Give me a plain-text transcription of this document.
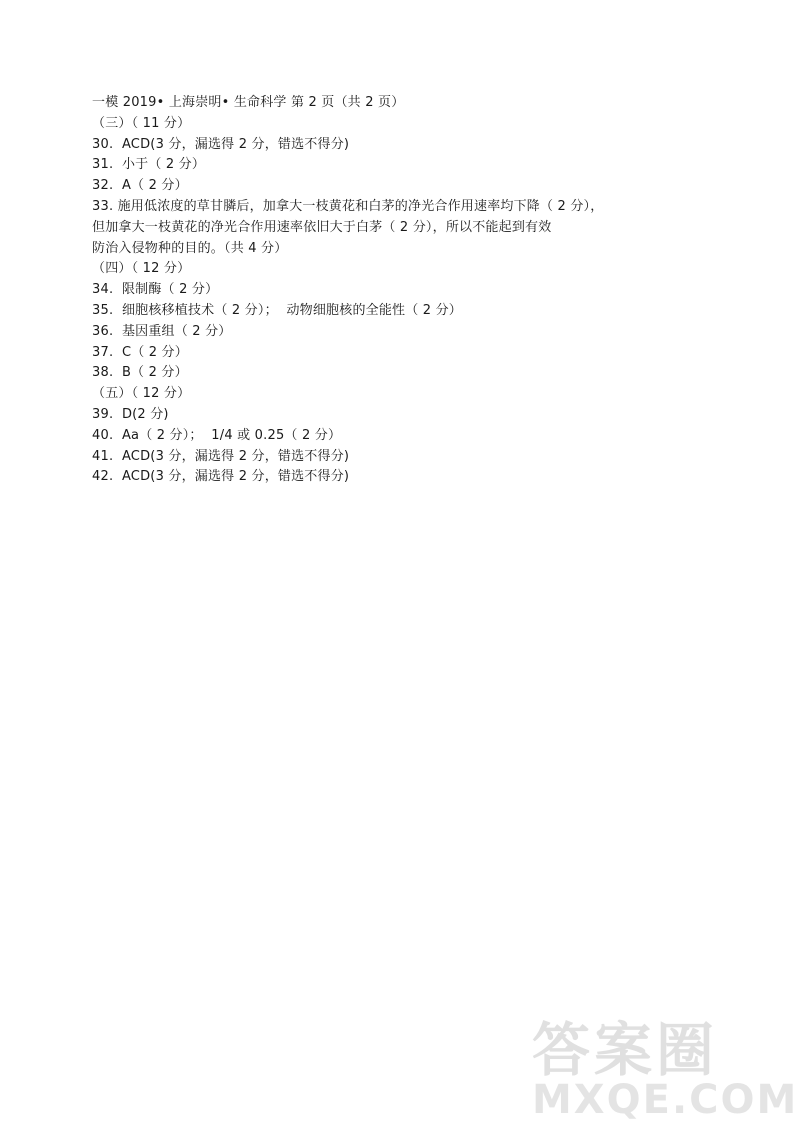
一模 2019• 上海崇明• 生命科学 第 2 页（共 2 页）
（三）（ 11 分）
30.  ACD(3 分，漏选得 2 分，错选不得分)
31.  小于（ 2 分）
32.  A（ 2 分）
33. 施用低浓度的草甘膦后，加拿大一枝黄花和白茅的净光合作用速率均下降（ 2 分），
但加拿大一枝黄花的净光合作用速率依旧大于白茅（ 2 分），所以不能起到有效
防治入侵物种的目的。（共 4 分）
（四）（ 12 分）
34.  限制酶（ 2 分）
35.  细胞核移植技术（ 2 分）；  动物细胞核的全能性（ 2 分）
36.  基因重组（ 2 分）
37.  C（ 2 分）
38.  B（ 2 分）
（五）（ 12 分）
39.  D(2 分)
40.  Aa（ 2 分）；  1/4 或 0.25（ 2 分）
41.  ACD(3 分，漏选得 2 分，错选不得分)
42.  ACD(3 分，漏选得 2 分，错选不得分)
答案圈
MXQE.COM
